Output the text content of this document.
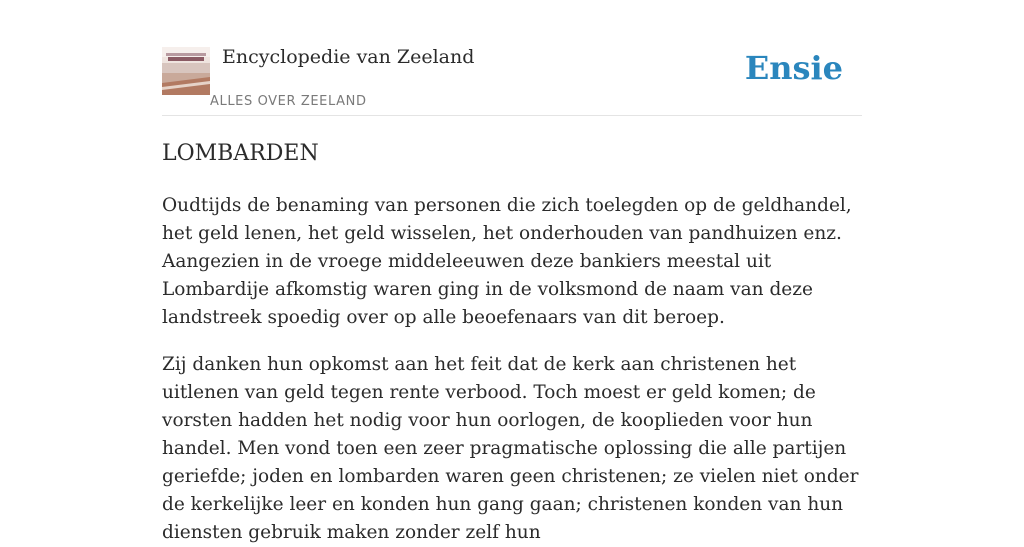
Encyclopedie van Zeeland
ALLES OVER ZEELAND
Ensie
LOMBARDEN

Oudtijds de benaming van personen die zich toelegden op de geldhandel, het geld lenen, het geld wisselen, het onderhouden van pandhuizen enz. Aangezien in de vroege middeleeuwen deze bankiers meestal uit Lombardije afkomstig waren ging in de volksmond de naam van deze landstreek spoedig over op alle beoefenaars van dit beroep.

Zij danken hun opkomst aan het feit dat de kerk aan christenen het uitlenen van geld tegen rente verbood. Toch moest er geld komen; de vorsten hadden het nodig voor hun oorlogen, de kooplieden voor hun handel. Men vond toen een zeer pragmatische oplossing die alle partijen geriefde; joden en lombarden waren geen christenen; ze vielen niet onder de kerkelijke leer en konden hun gang gaan; christenen konden van hun diensten gebruik maken zonder zelf hun
